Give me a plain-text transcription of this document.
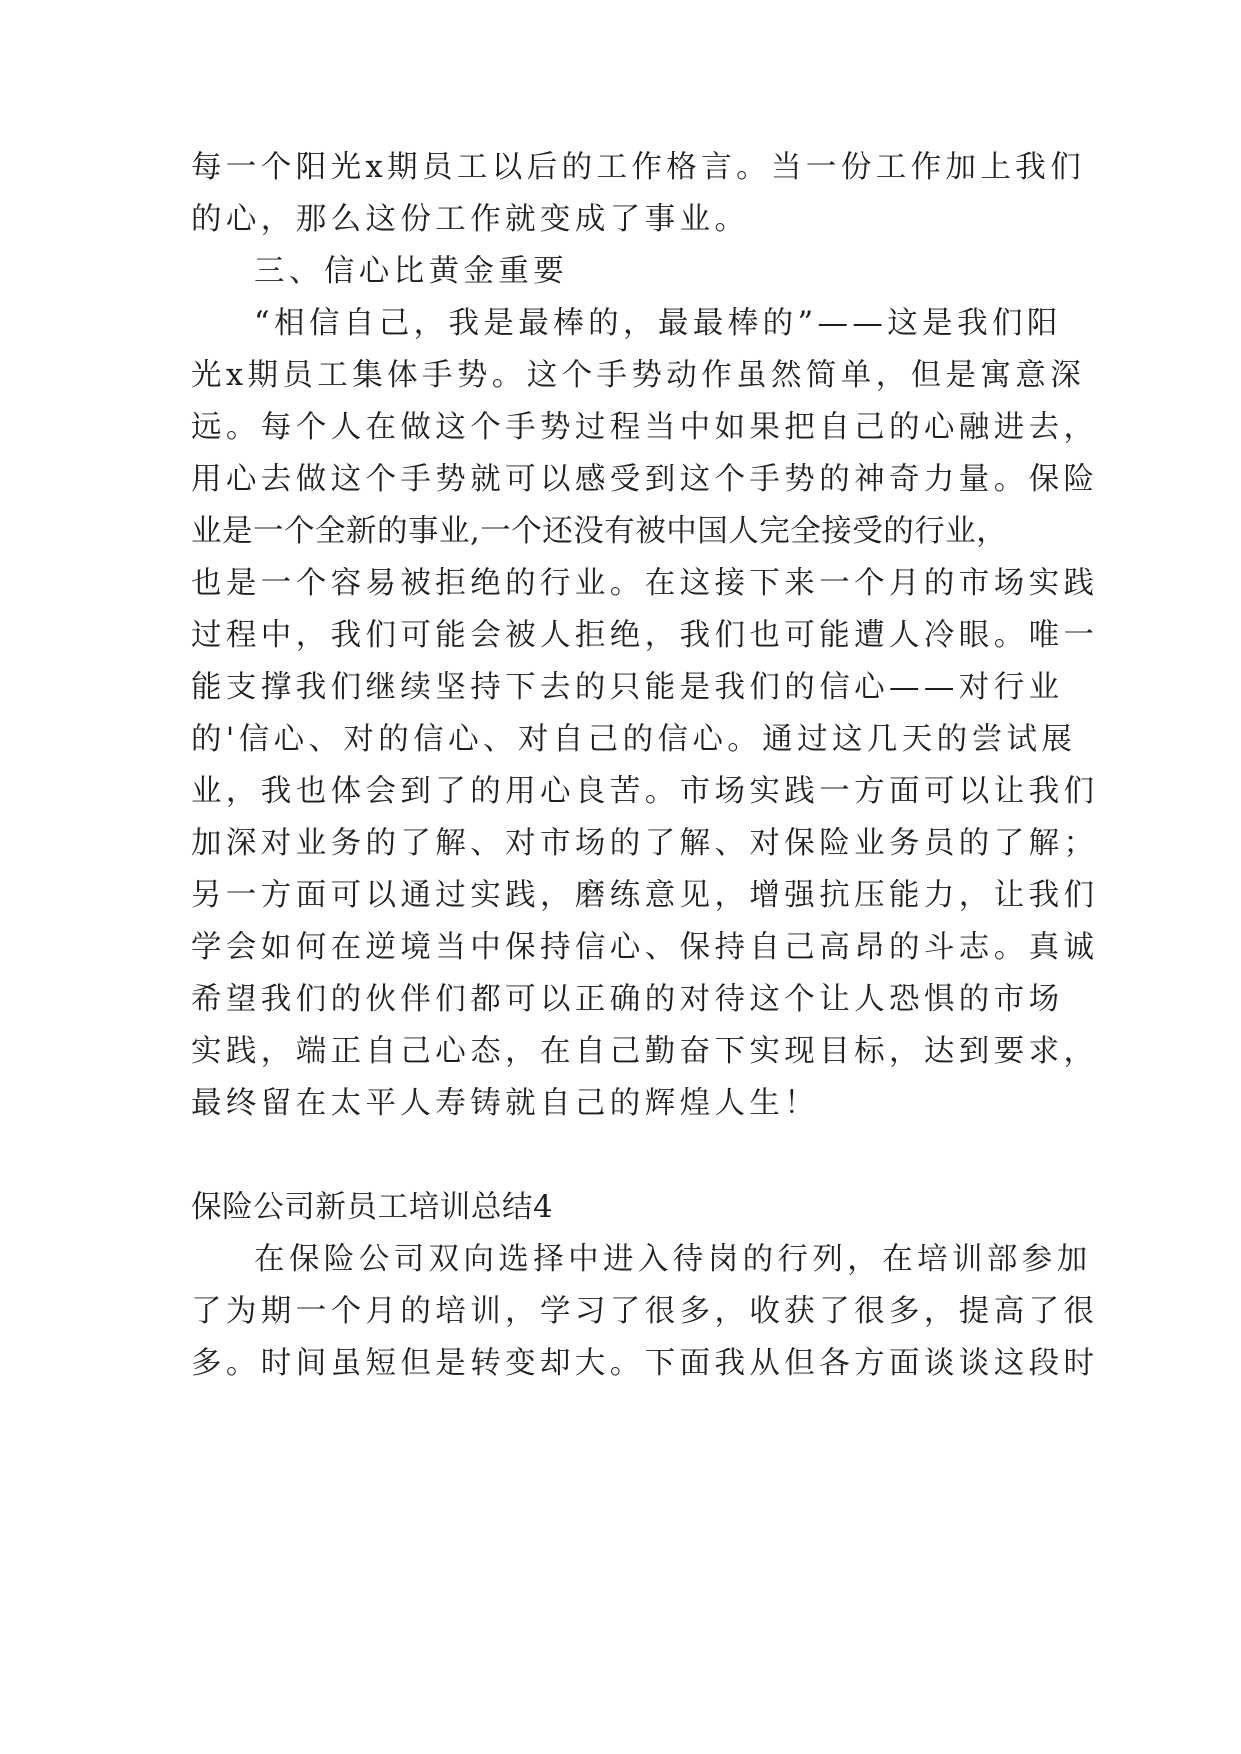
每一个阳光x期员工以后的工作格言。当一份工作加上我们

的心，那么这份工作就变成了事业。

三、信心比黄金重要

“相信自己，我是最棒的，最最棒的”——这是我们阳

光x期员工集体手势。这个手势动作虽然简单，但是寓意深

远。每个人在做这个手势过程当中如果把自己的心融进去，

用心去做这个手势就可以感受到这个手势的神奇力量。保险

业是一个全新的事业,一个还没有被中国人完全接受的行业，

也是一个容易被拒绝的行业。在这接下来一个月的市场实践

过程中，我们可能会被人拒绝，我们也可能遭人冷眼。唯一

能支撑我们继续坚持下去的只能是我们的信心——对行业

的'信心、对的信心、对自己的信心。通过这几天的尝试展

业，我也体会到了的用心良苦。市场实践一方面可以让我们

加深对业务的了解、对市场的了解、对保险业务员的了解；

另一方面可以通过实践，磨练意见，增强抗压能力，让我们

学会如何在逆境当中保持信心、保持自己高昂的斗志。真诚

希望我们的伙伴们都可以正确的对待这个让人恐惧的市场

实践，端正自己心态，在自己勤奋下实现目标，达到要求，

最终留在太平人寿铸就自己的辉煌人生！

保险公司新员工培训总结4

在保险公司双向选择中进入待岗的行列，在培训部参加

了为期一个月的培训，学习了很多，收获了很多，提高了很

多。时间虽短但是转变却大。下面我从但各方面谈谈这段时
